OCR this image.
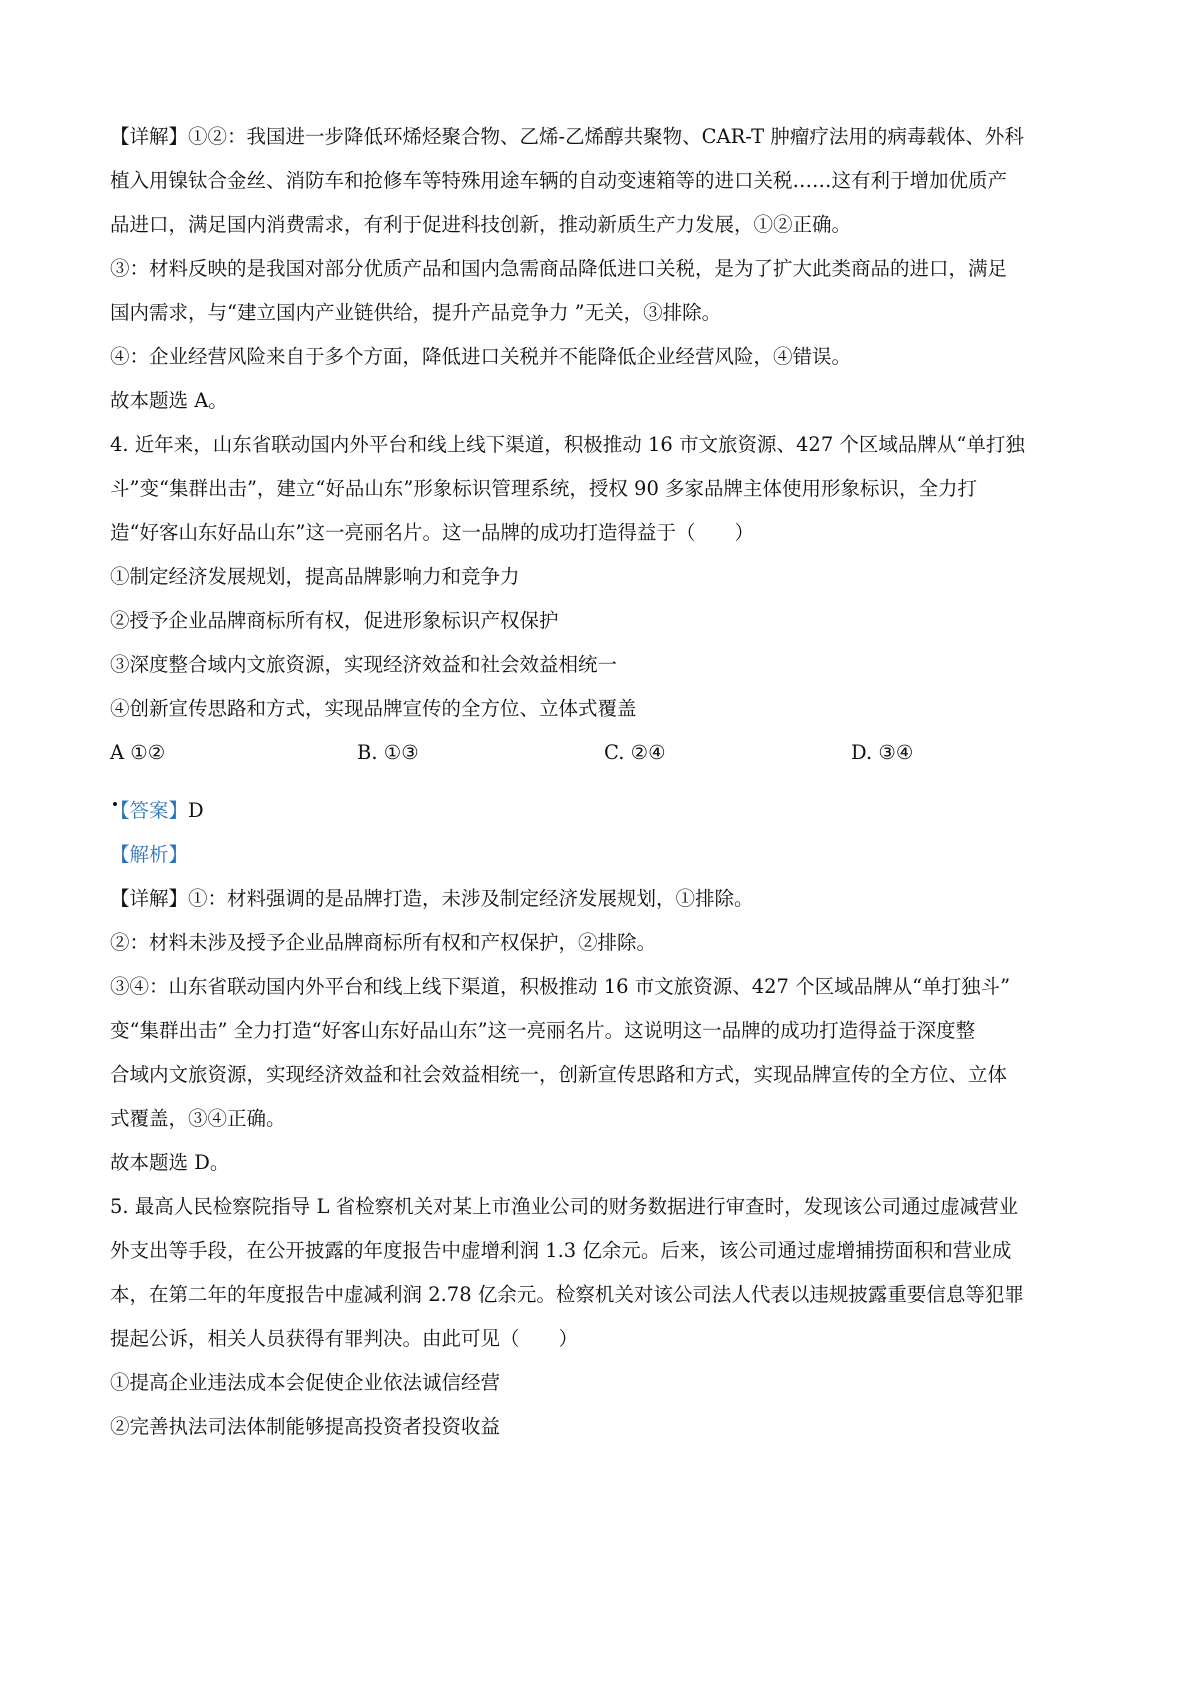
【详解】①②：我国进一步降低环烯烃聚合物、乙烯-乙烯醇共聚物、CAR-T 肿瘤疗法用的病毒载体、外科
植入用镍钛合金丝、消防车和抢修车等特殊用途车辆的自动变速箱等的进口关税……这有利于增加优质产
品进口，满足国内消费需求，有利于促进科技创新，推动新质生产力发展，①②正确。
③：材料反映的是我国对部分优质产品和国内急需商品降低进口关税，是为了扩大此类商品的进口，满足
国内需求，与“建立国内产业链供给，提升产品竞争力 ”无关，③排除。
④：企业经营风险来自于多个方面，降低进口关税并不能降低企业经营风险，④错误。
故本题选 A。
4. 近年来，山东省联动国内外平台和线上线下渠道，积极推动 16 市文旅资源、427 个区域品牌从“单打独
斗”变“集群出击”，建立“好品山东”形象标识管理系统，授权 90 多家品牌主体使用形象标识，全力打
造“好客山东好品山东”这一亮丽名片。这一品牌的成功打造得益于（　　）
①制定经济发展规划，提高品牌影响力和竞争力
②授予企业品牌商标所有权，促进形象标识产权保护
③深度整合域内文旅资源，实现经济效益和社会效益相统一
④创新宣传思路和方式，实现品牌宣传的全方位、立体式覆盖
A ①②	B. ①③	C. ②④	D. ③④
【答案】D
【解析】
【详解】①：材料强调的是品牌打造，未涉及制定经济发展规划，①排除。
②：材料未涉及授予企业品牌商标所有权和产权保护，②排除。
③④：山东省联动国内外平台和线上线下渠道，积极推动 16 市文旅资源、427 个区域品牌从“单打独斗”
变“集群出击” 全力打造“好客山东好品山东”这一亮丽名片。这说明这一品牌的成功打造得益于深度整
合域内文旅资源，实现经济效益和社会效益相统一，创新宣传思路和方式，实现品牌宣传的全方位、立体
式覆盖，③④正确。
故本题选 D。
5. 最高人民检察院指导 L 省检察机关对某上市渔业公司的财务数据进行审查时，发现该公司通过虚减营业
外支出等手段，在公开披露的年度报告中虚增利润 1.3 亿余元。后来，该公司通过虚增捕捞面积和营业成
本，在第二年的年度报告中虚减利润 2.78 亿余元。检察机关对该公司法人代表以违规披露重要信息等犯罪
提起公诉，相关人员获得有罪判决。由此可见（　　）
①提高企业违法成本会促使企业依法诚信经营
②完善执法司法体制能够提高投资者投资收益
